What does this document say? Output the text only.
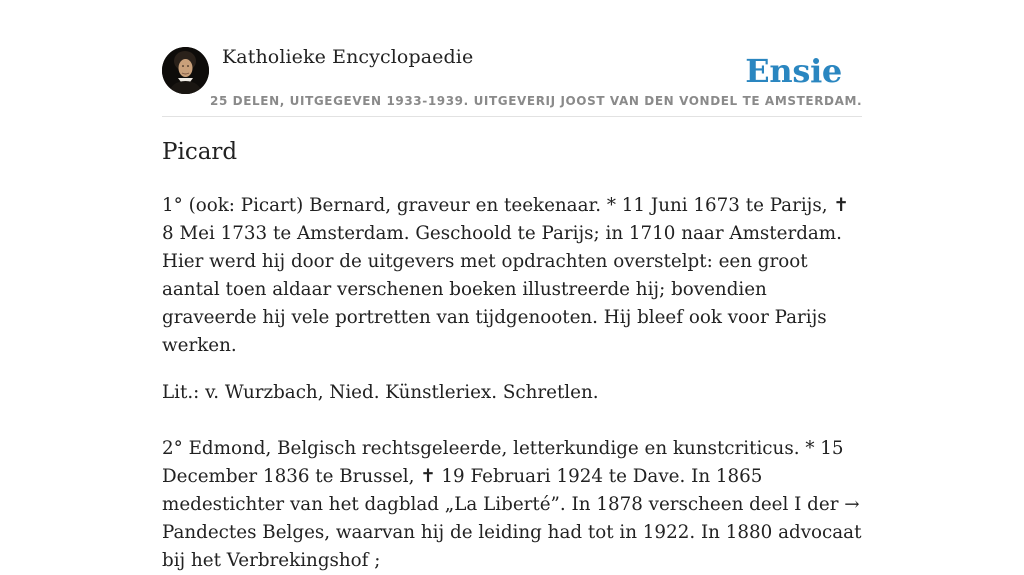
Katholieke Encyclopaedie	Ensie
25 DELEN, UITGEGEVEN 1933-1939. UITGEVERIJ JOOST VAN DEN VONDEL TE AMSTERDAM.
Picard

1° (ook: Picart) Bernard, graveur en teekenaar. * 11 Juni 1673 te Parijs, ✝ 8 Mei 1733 te Amsterdam. Geschoold te Parijs; in 1710 naar Amsterdam. Hier werd hij door de uitgevers met opdrachten overstelpt: een groot aantal toen aldaar verschenen boeken illustreerde hij; bovendien graveerde hij vele portretten van tijdgenooten. Hij bleef ook voor Parijs werken.

Lit.: v. Wurzbach, Nied. Künstleriex. Schretlen.

2° Edmond, Belgisch rechtsgeleerde, letterkundige en kunstcriticus. * 15 December 1836 te Brussel, ✝ 19 Februari 1924 te Dave. In 1865 medestichter van het dagblad „La Liberté”. In 1878 verscheen deel I der → Pandectes Belges, waarvan hij de leiding had tot in 1922. In 1880 advocaat bij het Verbrekingshof ;
